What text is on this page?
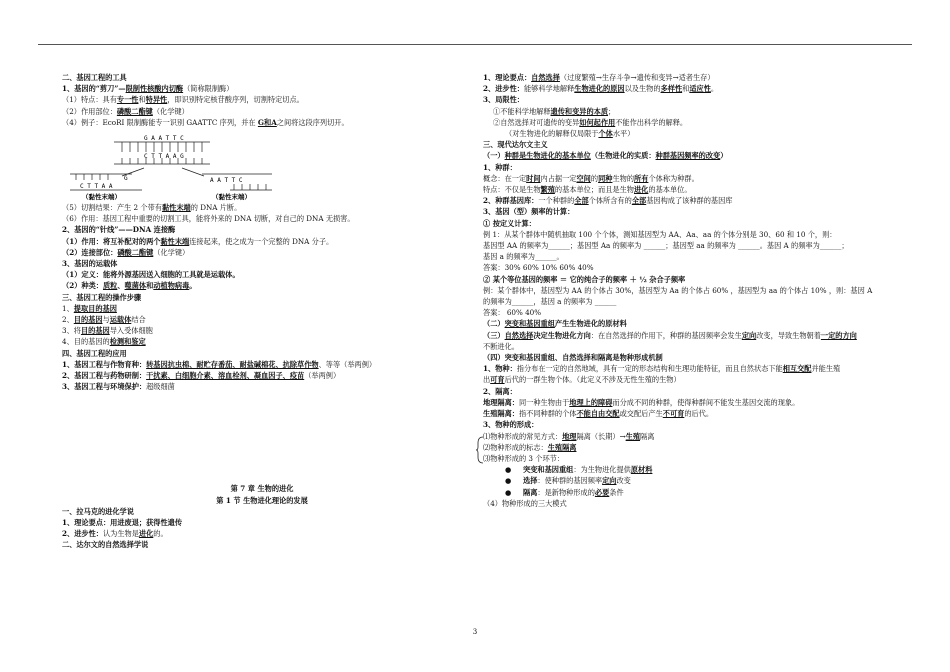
二、基因工程的工具
1、基因的“剪刀”—限制性核酸内切酶（简称限制酶）
（1）特点：具有专一性和特异性，即识别特定核苷酸序列，切割特定切点。
（2）作用部位：磷酸二酯键（化学键）
（4）例子：EcoRI 限制酶能专一识别 GAATTC 序列，并在 G和A之间将这段序列切开。
G A A T T C
C T T A A G
G
C T T A A
A A T T C
（黏性末端）	（黏性末端）
（5）切割结果：产生 2 个带有黏性末端的 DNA 片断。
（6）作用：基因工程中重要的切割工具，能将外来的 DNA 切断，对自己的 DNA 无损害。
2、基因的“针线”——DNA 连接酶
（1）作用：将互补配对的两个黏性末端连接起来，使之成为一个完整的 DNA 分子。
（2）连接部位：磷酸二酯键（化学键）
3、基因的运载体
（1）定义：能将外源基因送入细胞的工具就是运载体。
（2）种类：质粒、噬菌体和动植物病毒。
三、基因工程的操作步骤
1、提取目的基因
2、目的基因与运载体结合
3、将目的基因导入受体细胞
4、目的基因的检测和鉴定
四、基因工程的应用
1、基因工程与作物育种：转基因抗虫棉、耐贮存番茄、耐盐碱棉花、抗除草作物、等等（举两例）
2、基因工程与药物研制：干扰素、白细胞介素、溶血栓剂、凝血因子、疫苗（举两例）
3、基因工程与环境保护：超级细菌
第 7 章 生物的进化
第 1 节 生物进化理论的发展
一、拉马克的进化学说
1、理论要点：用进废退；获得性遗传
2、进步性：认为生物是进化的。
二、达尔文的自然选择学说
1、理论要点：自然选择（过度繁殖→生存斗争→遗传和变异→适者生存）
2、进步性：能够科学地解释生物进化的原因以及生物的多样性和适应性。
3、局限性：
①不能科学地解释遗传和变异的本质；
②自然选择对可遗传的变异如何起作用不能作出科学的解释。
（对生物进化的解释仅局限于个体水平）
三、现代达尔文主义
（一）种群是生物进化的基本单位（生物进化的实质：种群基因频率的改变）
1、种群：
概念：在一定时间内占据一定空间的同种生物的所有个体称为种群。
特点：不仅是生物繁殖的基本单位；而且是生物进化的基本单位。
2、种群基因库：一个种群的全部个体所含有的全部基因构成了该种群的基因库
3、基因（型）频率的计算：
① 按定义计算：
例 1：从某个群体中随机抽取 100 个个体，测知基因型为 AA、Aa、aa 的个体分别是 30、60 和 10 个，则：
基因型 AA 的频率为______；基因型 Aa 的频率为 ______；基因型 aa 的频率为 ______。基因 A 的频率为______；
基因 a 的频率为______。
答案：30% 60% 10% 60% 40%
② 某个等位基因的频率 ＝ 它的纯合子的频率 ＋ ½ 杂合子频率
例：某个群体中，基因型为 AA 的个体占 30%，基因型为 Aa 的个体占 60% ，基因型为 aa 的个体占 10% ，则：基因 A
的频率为______，基因 a 的频率为 ______
答案： 60% 40%
（二）突变和基因重组产生生物进化的原材料
（三）自然选择决定生物进化方向：在自然选择的作用下，种群的基因频率会发生定向改变，导致生物朝着一定的方向
不断进化。
（四）突变和基因重组、自然选择和隔离是物种形成机制
1、物种：指分布在一定的自然地域，具有一定的形态结构和生理功能特征，而且自然状态下能相互交配并能生殖
出可育后代的一群生物个体。（此定义不涉及无性生殖的生物）
2、隔离：
地理隔离：同一种生物由于地理上的障碍而分成不同的种群，使得种群间不能发生基因交流的现象。
生殖隔离：指不同种群的个体不能自由交配或交配后产生不可育的后代。
3、物种的形成：
⑴物种形成的常见方式：地理隔离（长期）→生殖隔离
⑵物种形成的标志：生殖隔离
⑶物种形成的 3 个环节：
● 突变和基因重组：为生物进化提供原材料
● 选择：使种群的基因频率定向改变
● 隔离：是新物种形成的必要条件
（4）物种形成的三大模式
3
